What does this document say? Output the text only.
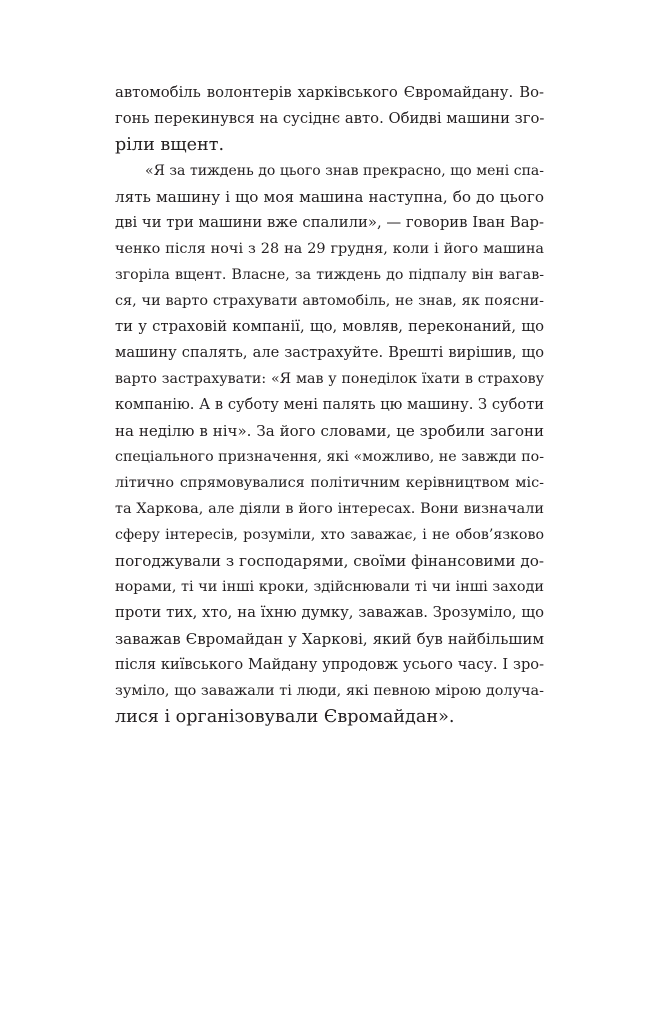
автомобіль волонтерів харківського Євромайдану. Во-
гонь перекинувся на сусіднє авто. Обидві машини зго-
ріли вщент.
«Я за тиждень до цього знав прекрасно, що мені спа-
лять машину і що моя машина наступна, бо до цього
дві чи три машини вже спалили», — говорив Іван Вар-
ченко після ночі з 28 на 29 грудня, коли і його машина
згоріла вщент. Власне, за тиждень до підпалу він вагав-
ся, чи варто страхувати автомобіль, не знав, як поясни-
ти у страховій компанії, що, мовляв, переконаний, що
машину спалять, але застрахуйте. Врешті вирішив, що
варто застрахувати: «Я мав у понеділок їхати в страхову
компанію. А в суботу мені палять цю машину. З суботи
на неділю в ніч». За його словами, це зробили загони
спеціального призначення, які «можливо, не завжди по-
літично спрямовувалися політичним керівництвом міс-
та Харкова, але діяли в його інтересах. Вони визначали
сферу інтересів, розуміли, хто заважає, і не обов’язково
погоджували з господарями, своїми фінансовими до-
норами, ті чи інші кроки, здійснювали ті чи інші заходи
проти тих, хто, на їхню думку, заважав. Зрозуміло, що
заважав Євромайдан у Харкові, який був найбільшим
після київського Майдану упродовж усього часу. І зро-
зуміло, що заважали ті люди, які певною мірою долуча-
лися і організовували Євромайдан».
